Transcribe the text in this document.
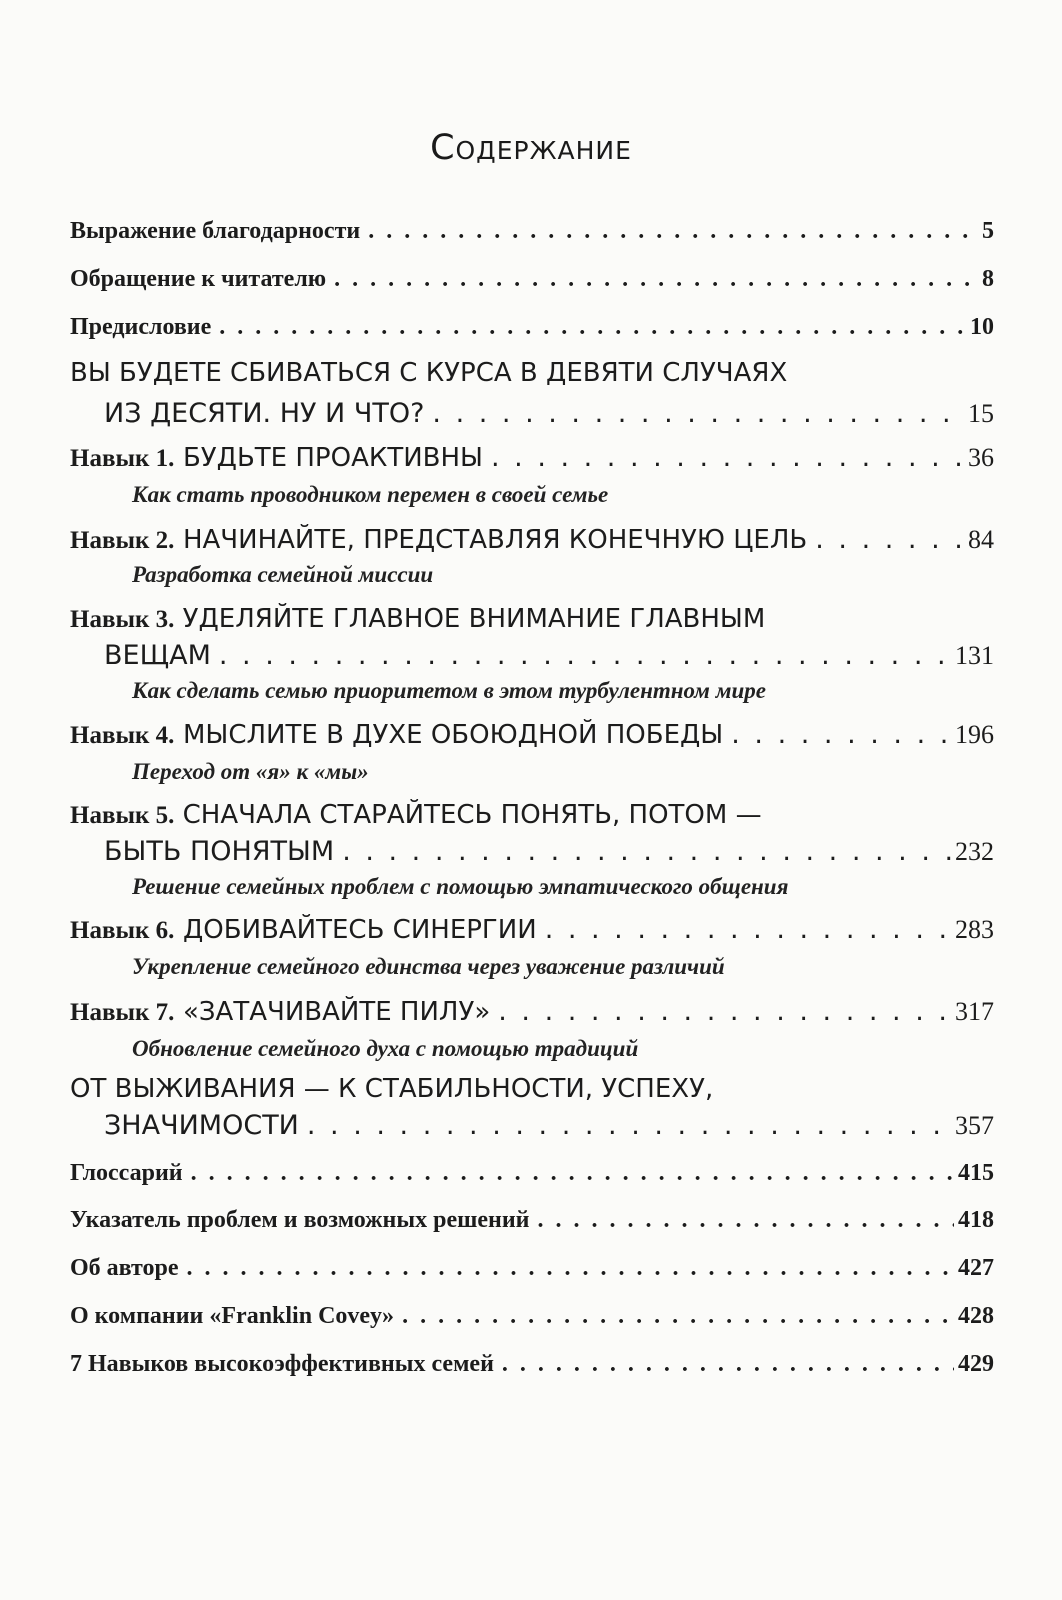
Содержание
Выражение благодарности . . .	5
Обращение к читателю . . .	8
Предисловие . . .	10
ВЫ БУДЕТЕ СБИВАТЬСЯ С КУРСА В ДЕВЯТИ СЛУЧАЯХ
ИЗ ДЕСЯТИ. НУ И ЧТО? . . .	15
Навык 1. БУДЬТЕ ПРОАКТИВНЫ . . .	36
Как стать проводником перемен в своей семье
Навык 2. НАЧИНАЙТЕ, ПРЕДСТАВЛЯЯ КОНЕЧНУЮ ЦЕЛЬ . . .	84
Разработка семейной миссии
Навык 3. УДЕЛЯЙТЕ ГЛАВНОЕ ВНИМАНИЕ ГЛАВНЫМ
ВЕЩАМ . . .	131
Как сделать семью приоритетом в этом турбулентном мире
Навык 4. МЫСЛИТЕ В ДУХЕ ОБОЮДНОЙ ПОБЕДЫ . . .	196
Переход от «я» к «мы»
Навык 5. СНАЧАЛА СТАРАЙТЕСЬ ПОНЯТЬ, ПОТОМ —
БЫТЬ ПОНЯТЫМ . . .	232
Решение семейных проблем с помощью эмпатического общения
Навык 6. ДОБИВАЙТЕСЬ СИНЕРГИИ . . .	283
Укрепление семейного единства через уважение различий
Навык 7. «ЗАТАЧИВАЙТЕ ПИЛУ» . . .	317
Обновление семейного духа с помощью традиций
ОТ ВЫЖИВАНИЯ — К СТАБИЛЬНОСТИ, УСПЕХУ,
ЗНАЧИМОСТИ . . .	357
Глоссарий . . .	415
Указатель проблем и возможных решений . . .	418
Об авторе . . .	427
О компании «Franklin Covey» . . .	428
7 Навыков высокоэффективных семей . . .	429
